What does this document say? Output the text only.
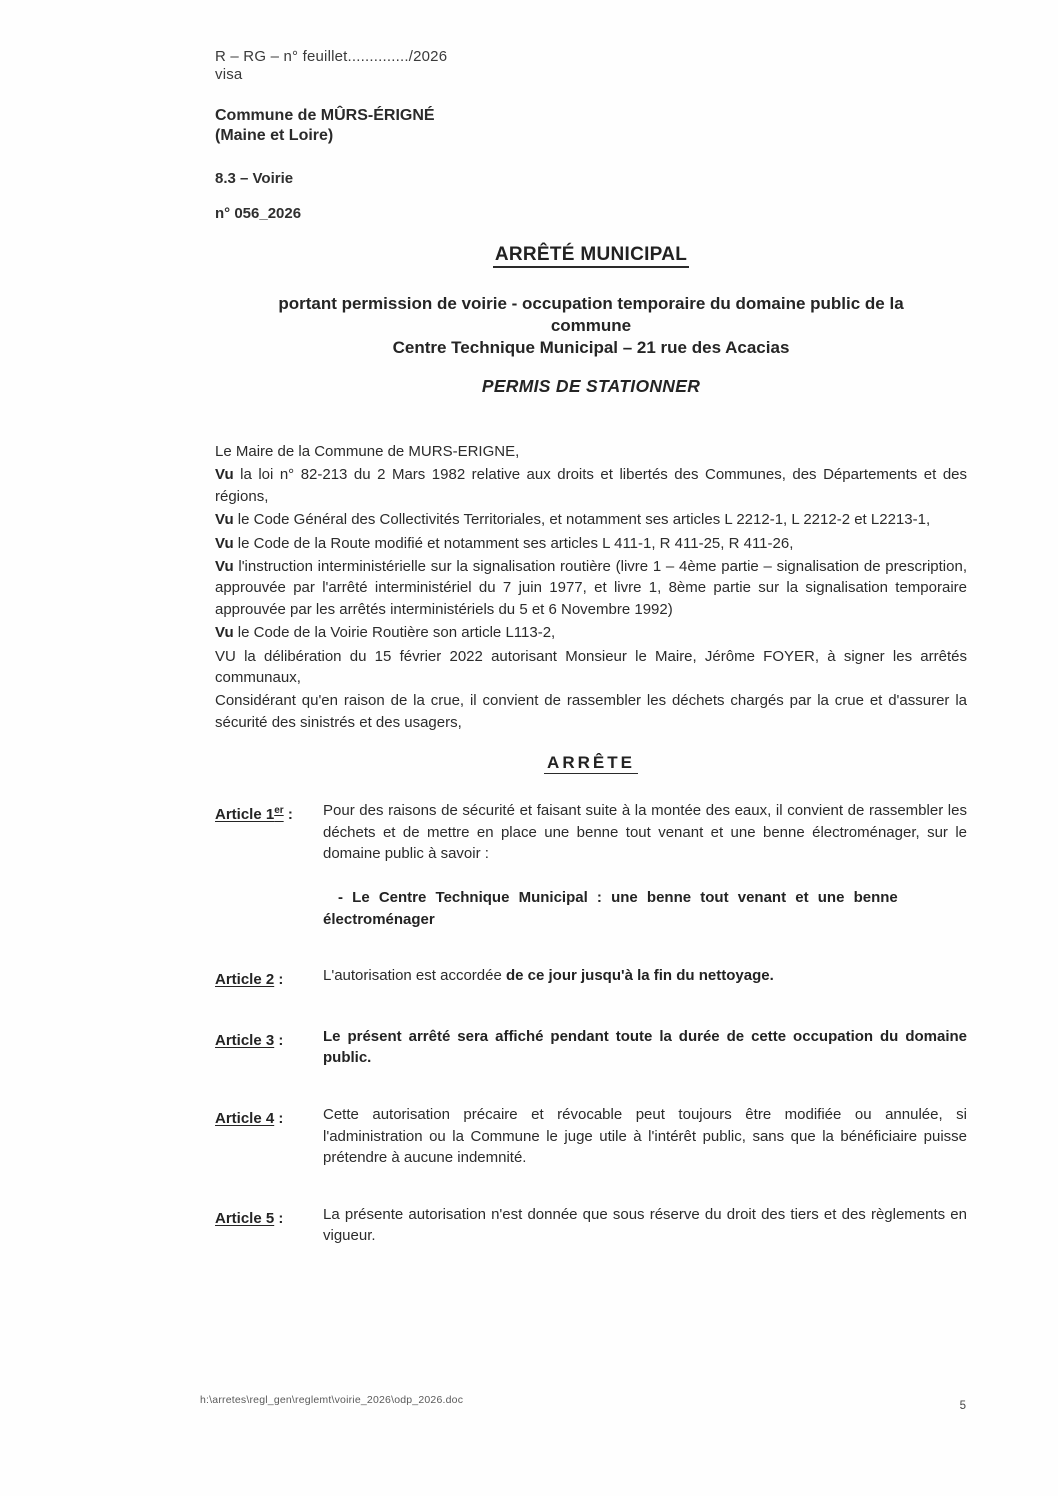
R – RG – n° feuillet............../2026
visa
Commune de MÛRS-ÉRIGNÉ
(Maine et Loire)
8.3 – Voirie
n° 056_2026
ARRÊTÉ MUNICIPAL
portant permission de voirie - occupation temporaire du domaine public de la
commune
Centre Technique Municipal – 21 rue des Acacias
PERMIS DE STATIONNER

Le Maire de la Commune de MURS-ERIGNE,

Vu la loi n° 82-213 du 2 Mars 1982 relative aux droits et libertés des Communes, des Départements et des régions,

Vu le Code Général des Collectivités Territoriales, et notamment ses articles L 2212-1, L 2212-2 et L2213-1,

Vu le Code de la Route modifié et notamment ses articles L 411-1, R 411-25, R 411-26,

Vu l'instruction interministérielle sur la signalisation routière (livre 1 – 4ème partie – signalisation de prescription, approuvée par l'arrêté interministériel du 7 juin 1977, et livre 1, 8ème partie sur la signalisation temporaire approuvée par les arrêtés interministériels du 5 et 6 Novembre 1992)

Vu le Code de la Voirie Routière son article L113-2,

VU la délibération du 15 février 2022 autorisant Monsieur le Maire, Jérôme FOYER, à signer les arrêtés communaux,

Considérant qu'en raison de la crue, il convient de rassembler les déchets chargés par la crue et d'assurer la sécurité des sinistrés et des usagers,

ARRÊTE
Article 1er :	Pour des raisons de sécurité et faisant suite à la montée des eaux, il convient de rassembler les déchets et de mettre en place une benne tout venant et une benne électroménager, sur le domaine public à savoir :
- Le Centre Technique Municipal : une benne tout venant et une benne
électroménager
Article 2 :	L'autorisation est accordée de ce jour jusqu'à la fin du nettoyage.
Article 3 :	Le présent arrêté sera affiché pendant toute la durée de cette occupation du domaine public.
Article 4 :	Cette autorisation précaire et révocable peut toujours être modifiée ou annulée, si l'administration ou la Commune le juge utile à l'intérêt public, sans que la bénéficiaire puisse prétendre à aucune indemnité.
Article 5 :	La présente autorisation n'est donnée que sous réserve du droit des tiers et des règlements en vigueur.
h:\arretes\regl_gen\reglemt\voirie_2026\odp_2026.doc	5
